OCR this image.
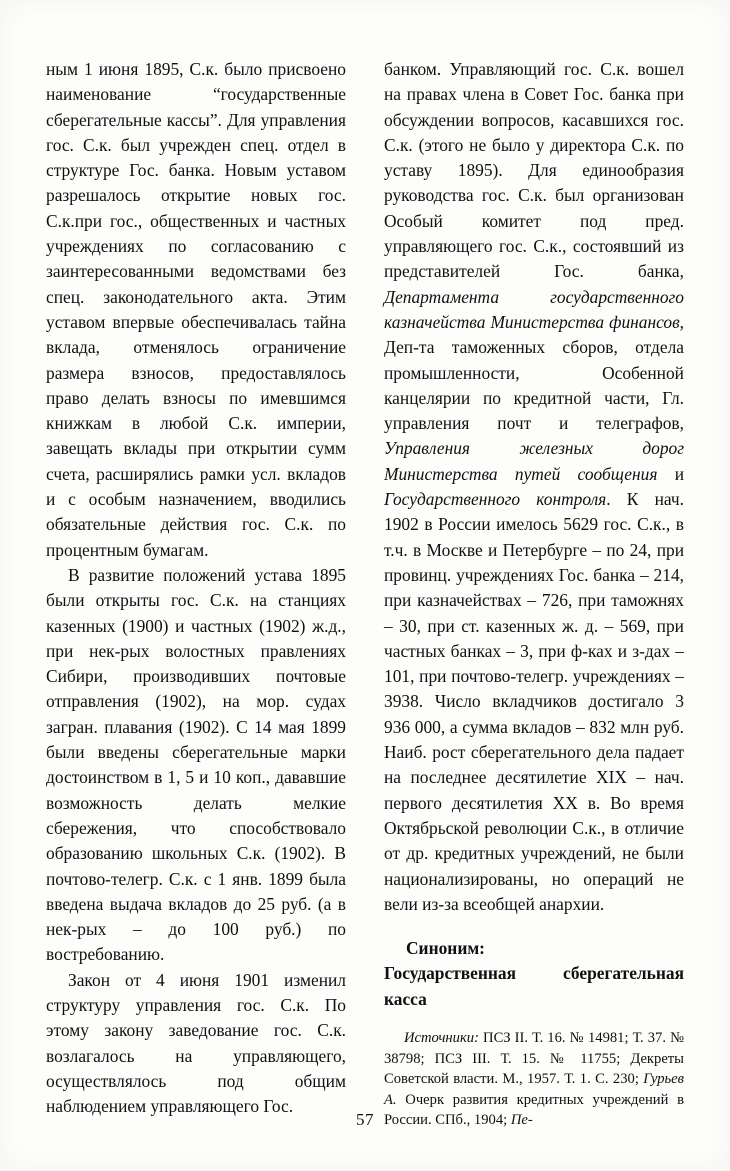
ным 1 июня 1895, С.к. было присвоено наименование “государственные сберегательные кассы”. Для управления гос. С.к. был учрежден спец. отдел в структуре Гос. банка. Новым уставом разрешалось открытие новых гос. С.к.при гос., общественных и частных учреждениях по согласованию с заинтересованными ведомствами без спец. законодательного акта. Этим уставом впервые обеспечивалась тайна вклада, отменялось ограничение размера взносов, предоставлялось право делать взносы по имевшимся книжкам в любой С.к. империи, завещать вклады при открытии сумм счета, расширялись рамки усл. вкладов и с особым назначением, вводились обязательные действия гос. С.к. по процентным бумагам.

В развитие положений устава 1895 были открыты гос. С.к. на станциях казенных (1900) и частных (1902) ж.д., при нек-рых волостных правлениях Сибири, производивших почтовые отправления (1902), на мор. судах загран. плавания (1902). С 14 мая 1899 были введены сберегательные марки достоинством в 1, 5 и 10 коп., дававшие возможность делать мелкие сбережения, что способствовало образованию школьных С.к. (1902). В почтово-телегр. С.к. с 1 янв. 1899 была введена выдача вкладов до 25 руб. (а в нек-рых – до 100 руб.) по востребованию.

Закон от 4 июня 1901 изменил структуру управления гос. С.к. По этому закону заведование гос. С.к. возлагалось на управляющего, осуществлялось под общим наблюдением управляющего Гос.

банком. Управляющий гос. С.к. вошел на правах члена в Совет Гос. банка при обсуждении вопросов, касавшихся гос. С.к. (этого не было у директора С.к. по уставу 1895). Для единообразия руководства гос. С.к. был организован Особый комитет под пред. управляющего гос. С.к., состоявший из представителей Гос. банка, Департамента государственного казначейства Министерства финансов, Деп-та таможенных сборов, отдела промышленности, Особенной канцелярии по кредитной части, Гл. управления почт и телеграфов, Управления железных дорог Министерства путей сообщения и Государственного контроля. К нач. 1902 в России имелось 5629 гос. С.к., в т.ч. в Москве и Петербурге – по 24, при провинц. учреждениях Гос. банка – 214, при казначействах – 726, при таможнях – 30, при ст. казенных ж. д. – 569, при частных банках – 3, при ф-ках и з-дах – 101, при почтово-телегр. учреждениях – 3938. Число вкладчиков достигало 3 936 000, а сумма вкладов – 832 млн руб. Наиб. рост сберегательного дела падает на последнее десятилетие XIX – нач. первого десятилетия XX в. Во время Октябрьской революции С.к., в отличие от др. кредитных учреждений, не были национализированы, но операций не вели из-за всеобщей анархии.

Синоним:
Государственная сберегательная касса
Источники: ПСЗ II. Т. 16. № 14981; Т. 37. № 38798; ПСЗ III. Т. 15. № 11755; Декреты Советской власти. М., 1957. Т. 1. С. 230; Гурьев А. Очерк развития кредитных учреждений в России. СПб., 1904; Пе-
57
